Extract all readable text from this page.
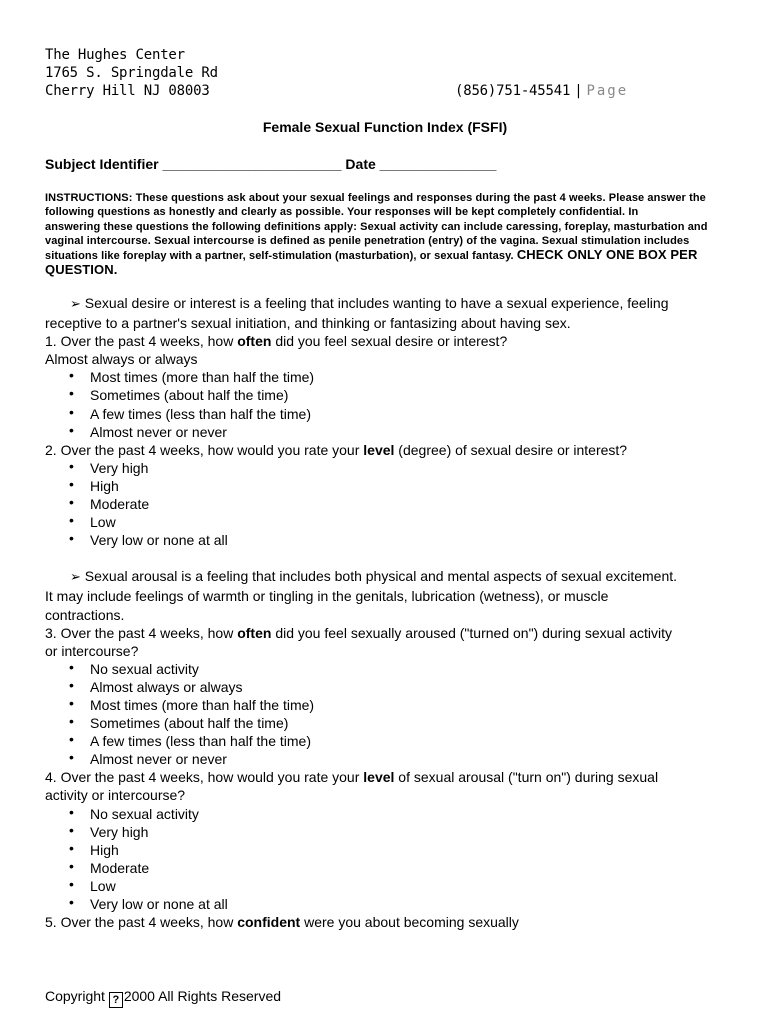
The Hughes Center
1765 S. Springdale Rd
Cherry Hill NJ 08003	(856)751-45541 | Page
Female Sexual Function Index (FSFI)
Subject Identifier _______________________ Date _______________

INSTRUCTIONS: These questions ask about your sexual feelings and responses during the past 4 weeks. Please answer the following questions as honestly and clearly as possible. Your responses will be kept completely confidential. In

answering these questions the following definitions apply: Sexual activity can include caressing, foreplay, masturbation and vaginal intercourse. Sexual intercourse is defined as penile penetration (entry) of the vagina. Sexual stimulation includes situations like foreplay with a partner, self-stimulation (masturbation), or sexual fantasy. CHECK ONLY ONE BOX PER QUESTION.

➢ Sexual desire or interest is a feeling that includes wanting to have a sexual experience, feeling receptive to a partner's sexual initiation, and thinking or fantasizing about having sex.

1. Over the past 4 weeks, how often did you feel sexual desire or interest?

Almost always or always

• Most times (more than half the time)
• Sometimes (about half the time)
• A few times (less than half the time)
• Almost never or never

2. Over the past 4 weeks, how would you rate your level (degree) of sexual desire or interest?

• Very high
• High
• Moderate
• Low
• Very low or none at all

➢ Sexual arousal is a feeling that includes both physical and mental aspects of sexual excitement. It may include feelings of warmth or tingling in the genitals, lubrication (wetness), or muscle contractions.

3. Over the past 4 weeks, how often did you feel sexually aroused ("turned on") during sexual activity or intercourse?

• No sexual activity
• Almost always or always
• Most times (more than half the time)
• Sometimes (about half the time)
• A few times (less than half the time)
• Almost never or never

4. Over the past 4 weeks, how would you rate your level of sexual arousal ("turn on") during sexual activity or intercourse?

• No sexual activity
• Very high
• High
• Moderate
• Low
• Very low or none at all

5. Over the past 4 weeks, how confident were you about becoming sexually

Copyright ? 2000 All Rights Reserved
